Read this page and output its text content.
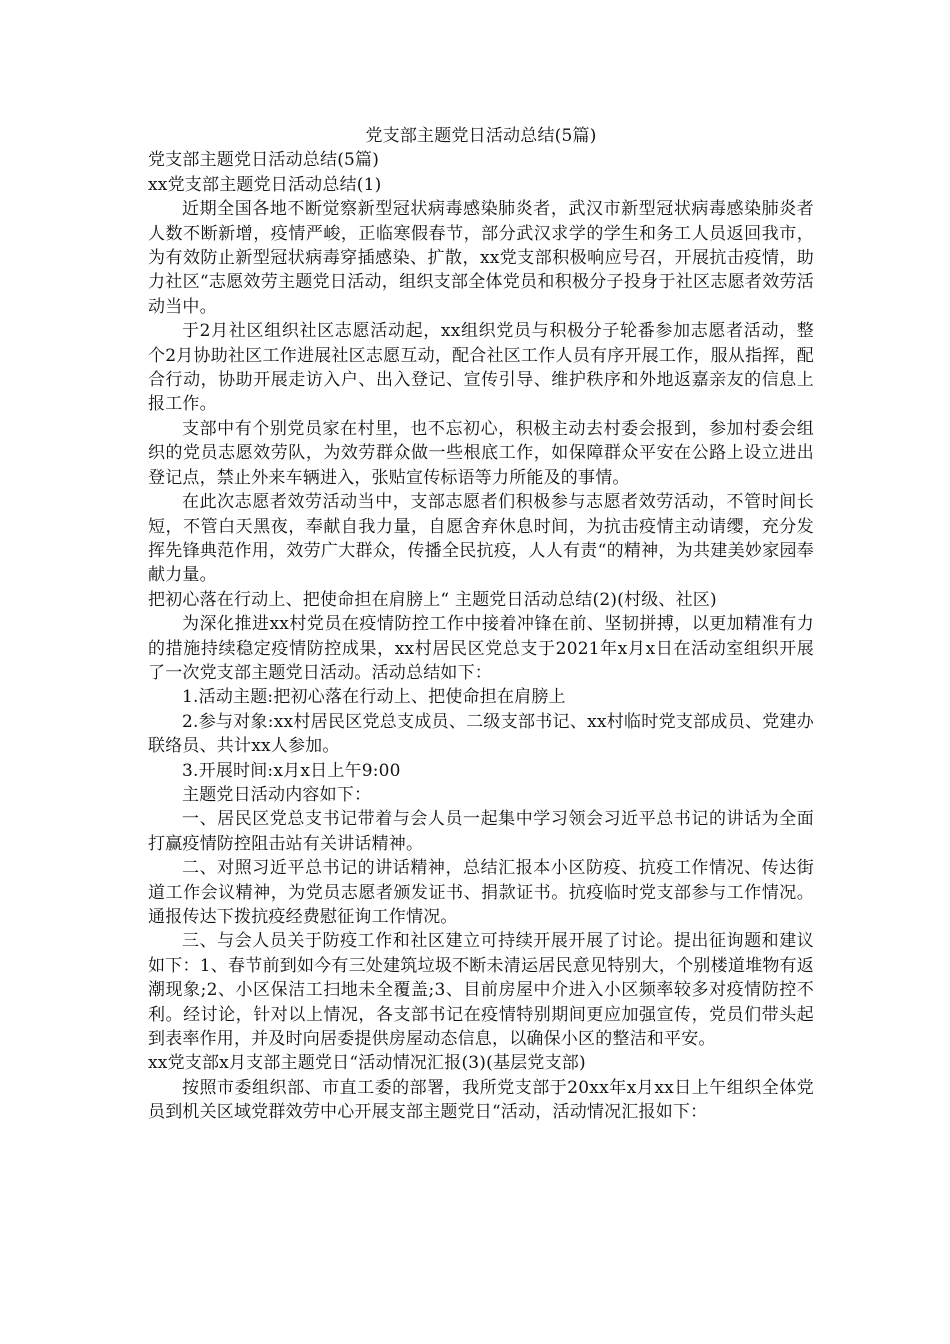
党支部主题党日活动总结(5篇)

党支部主题党日活动总结(5篇)

xx党支部主题党日活动总结(1)

近期全国各地不断觉察新型冠状病毒感染肺炎者，武汉市新型冠状病毒感染肺炎者人数不断新增，疫情严峻，正临寒假春节，部分武汉求学的学生和务工人员返回我市，为有效防止新型冠状病毒穿插感染、扩散，xx党支部积极响应号召，开展抗击疫情，助力社区“志愿效劳主题党日活动，组织支部全体党员和积极分子投身于社区志愿者效劳活动当中。

于2月社区组织社区志愿活动起，xx组织党员与积极分子轮番参加志愿者活动，整个2月协助社区工作进展社区志愿互动，配合社区工作人员有序开展工作，服从指挥，配合行动，协助开展走访入户、出入登记、宣传引导、维护秩序和外地返嘉亲友的信息上报工作。

支部中有个别党员家在村里，也不忘初心，积极主动去村委会报到，参加村委会组织的党员志愿效劳队，为效劳群众做一些根底工作，如保障群众平安在公路上设立进出登记点，禁止外来车辆进入，张贴宣传标语等力所能及的事情。

在此次志愿者效劳活动当中，支部志愿者们积极参与志愿者效劳活动，不管时间长短，不管白天黑夜，奉献自我力量，自愿舍弃休息时间，为抗击疫情主动请缨，充分发挥先锋典范作用，效劳广大群众，传播全民抗疫，人人有责“的精神，为共建美妙家园奉献力量。

把初心落在行动上、把使命担在肩膀上“ 主题党日活动总结(2)(村级、社区)

为深化推进xx村党员在疫情防控工作中接着冲锋在前、坚韧拼搏，以更加精准有力的措施持续稳定疫情防控成果，xx村居民区党总支于2021年x月x日在活动室组织开展了一次党支部主题党日活动。活动总结如下：

1.活动主题:把初心落在行动上、把使命担在肩膀上

2.参与对象:xx村居民区党总支成员、二级支部书记、xx村临时党支部成员、党建办联络员、共计xx人参加。

3.开展时间:x月x日上午9:00

主题党日活动内容如下：

一、居民区党总支书记带着与会人员一起集中学习领会习近平总书记的讲话为全面打赢疫情防控阻击站有关讲话精神。

二、对照习近平总书记的讲话精神，总结汇报本小区防疫、抗疫工作情况、传达街道工作会议精神，为党员志愿者颁发证书、捐款证书。抗疫临时党支部参与工作情况。通报传达下拨抗疫经费慰征询工作情况。

三、与会人员关于防疫工作和社区建立可持续开展开展了讨论。提出征询题和建议如下：1、春节前到如今有三处建筑垃圾不断未清运居民意见特别大，个别楼道堆物有返潮现象;2、小区保洁工扫地未全覆盖;3、目前房屋中介进入小区频率较多对疫情防控不利。经讨论，针对以上情况，各支部书记在疫情特别期间更应加强宣传，党员们带头起到表率作用，并及时向居委提供房屋动态信息，以确保小区的整洁和平安。

xx党支部x月支部主题党日“活动情况汇报(3)(基层党支部)

按照市委组织部、市直工委的部署，我所党支部于20xx年x月xx日上午组织全体党员到机关区域党群效劳中心开展支部主题党日“活动，活动情况汇报如下：
